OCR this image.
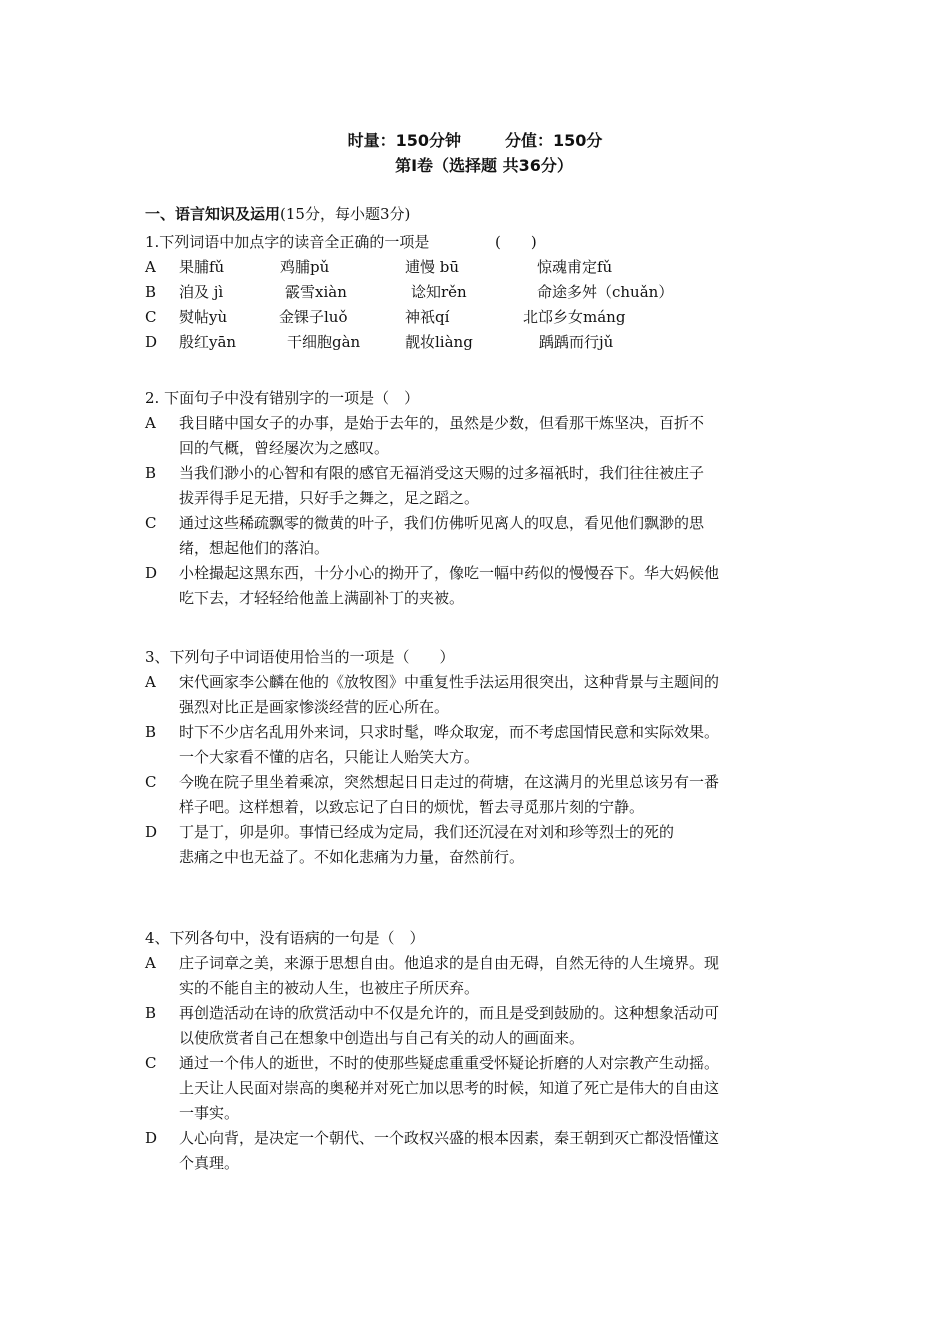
时量：150分钟	分值：150分
第Ⅰ卷（选择题 共36分）
一、语言知识及运用(15分，每小题3分)
1.下列词语中加点字的读音全正确的一项是	(　　)
A 果脯fǔ	鸡脯pǔ	逋慢 bū	惊魂甫定fǔ
B 洎及 jì	霰雪xiàn	谂知rěn	命途多舛（chuǎn）
C 熨帖yù	金锞子luǒ	神祇qí	北邙乡女máng
D 殷红yān	干细胞gàn	靓妆liàng	踽踽而行jǔ
2. 下面句子中没有错别字的一项是（　）
A	我目睹中国女子的办事，是始于去年的，虽然是少数，但看那干炼坚决，百折不
回的气概，曾经屡次为之感叹。
B	当我们渺小的心智和有限的感官无福消受这天赐的过多福祇时，我们往往被庄子
拔弄得手足无措，只好手之舞之，足之蹈之。
C	通过这些稀疏飘零的微黄的叶子，我们仿佛听见离人的叹息，看见他们飘渺的思
绪，想起他们的落泊。
D	小栓撮起这黑东西，十分小心的拗开了，像吃一幅中药似的慢慢吞下。华大妈候他
吃下去，才轻轻给他盖上满副补丁的夹被。
3、下列句子中词语使用恰当的一项是（　　）
A	宋代画家李公麟在他的《放牧图》中重复性手法运用很突出，这种背景与主题间的
强烈对比正是画家惨淡经营的匠心所在。
B	时下不少店名乱用外来词，只求时髦，哗众取宠，而不考虑国情民意和实际效果。
一个大家看不懂的店名，只能让人贻笑大方。
C	今晚在院子里坐着乘凉，突然想起日日走过的荷塘，在这满月的光里总该另有一番
样子吧。这样想着，以致忘记了白日的烦忧，暂去寻觅那片刻的宁静。
D	丁是丁，卯是卯。事情已经成为定局，我们还沉浸在对刘和珍等烈士的死的
悲痛之中也无益了。不如化悲痛为力量，奋然前行。
4、下列各句中，没有语病的一句是（　）
A	庄子词章之美，来源于思想自由。他追求的是自由无碍，自然无待的人生境界。现
实的不能自主的被动人生，也被庄子所厌弃。
B	再创造活动在诗的欣赏活动中不仅是允许的，而且是受到鼓励的。这种想象活动可
以使欣赏者自己在想象中创造出与自己有关的动人的画面来。
C	通过一个伟人的逝世，不时的使那些疑虑重重受怀疑论折磨的人对宗教产生动摇。
上天让人民面对崇高的奥秘并对死亡加以思考的时候，知道了死亡是伟大的自由这
一事实。
D	人心向背，是决定一个朝代、一个政权兴盛的根本因素，秦王朝到灭亡都没悟懂这
个真理。
